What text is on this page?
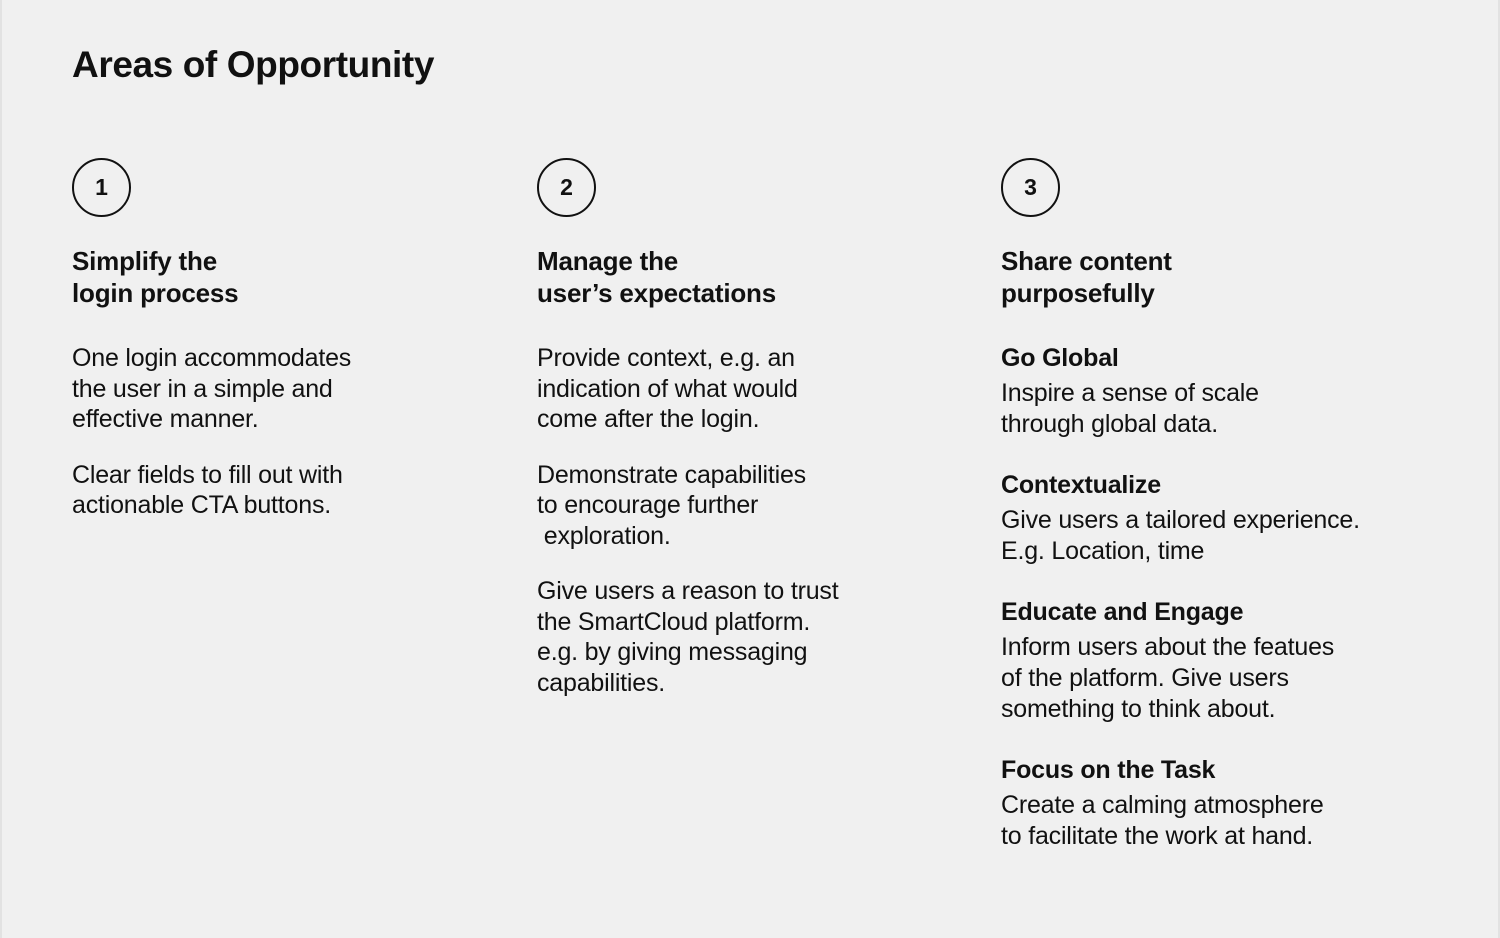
Areas of Opportunity
1
Simplify the
login process

One login accommodates
the user in a simple and
effective manner.

Clear fields to fill out with
actionable CTA buttons.

2
Manage the
user’s expectations

Provide context, e.g. an
indication of what would
come after the login.

Demonstrate capabilities
to encourage further
exploration.

Give users a reason to trust
the SmartCloud platform.
e.g. by giving messaging
capabilities.

3
Share content
purposefully
Go Global
Inspire a sense of scale
through global data.
Contextualize
Give users a tailored experience.
E.g. Location, time
Educate and Engage
Inform users about the featues
of the platform. Give users
something to think about.
Focus on the Task
Create a calming atmosphere
to facilitate the work at hand.
